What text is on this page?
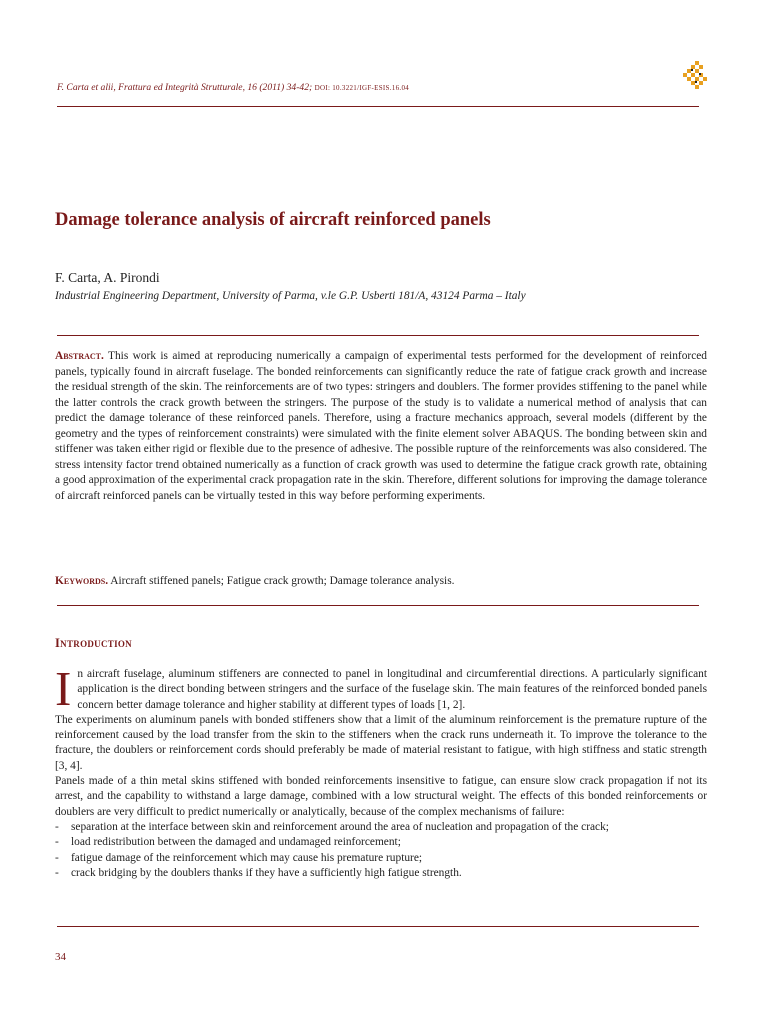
F. Carta et alii, Frattura ed Integrità Strutturale, 16 (2011) 34-42; DOI: 10.3221/IGF-ESIS.16.04
Damage tolerance analysis of aircraft reinforced panels
F. Carta, A. Pirondi
Industrial Engineering Department, University of Parma, v.le G.P. Usberti 181/A, 43124 Parma – Italy
Abstract. This work is aimed at reproducing numerically a campaign of experimental tests performed for the development of reinforced panels, typically found in aircraft fuselage. The bonded reinforcements can significantly reduce the rate of fatigue crack growth and increase the residual strength of the skin. The reinforcements are of two types: stringers and doublers. The former provides stiffening to the panel while the latter controls the crack growth between the stringers. The purpose of the study is to validate a numerical method of analysis that can predict the damage tolerance of these reinforced panels. Therefore, using a fracture mechanics approach, several models (different by the geometry and the types of reinforcement constraints) were simulated with the finite element solver ABAQUS. The bonding between skin and stiffener was taken either rigid or flexible due to the presence of adhesive. The possible rupture of the reinforcements was also considered. The stress intensity factor trend obtained numerically as a function of crack growth was used to determine the fatigue crack growth rate, obtaining a good approximation of the experimental crack propagation rate in the skin. Therefore, different solutions for improving the damage tolerance of aircraft reinforced panels can be virtually tested in this way before performing experiments.
Keywords. Aircraft stiffened panels; Fatigue crack growth; Damage tolerance analysis.
Introduction

In aircraft fuselage, aluminum stiffeners are connected to panel in longitudinal and circumferential directions. A particularly significant application is the direct bonding between stringers and the surface of the fuselage skin. The main features of the reinforced bonded panels concern better damage tolerance and higher stability at different types of loads [1, 2].

The experiments on aluminum panels with bonded stiffeners show that a limit of the aluminum reinforcement is the premature rupture of the reinforcement caused by the load transfer from the skin to the stiffeners when the crack runs underneath it. To improve the tolerance to the fracture, the doublers or reinforcement cords should preferably be made of material resistant to fatigue, with high stiffness and static strength [3, 4].

Panels made of a thin metal skins stiffened with bonded reinforcements insensitive to fatigue, can ensure slow crack propagation if not its arrest, and the capability to withstand a large damage, combined with a low structural weight. The effects of this bonded reinforcements or doublers are very difficult to predict numerically or analytically, because of the complex mechanisms of failure:

- separation at the interface between skin and reinforcement around the area of nucleation and propagation of the crack;
- load redistribution between the damaged and undamaged reinforcement;
- fatigue damage of the reinforcement which may cause his premature rupture;
- crack bridging by the doublers thanks if they have a sufficiently high fatigue strength.
34
